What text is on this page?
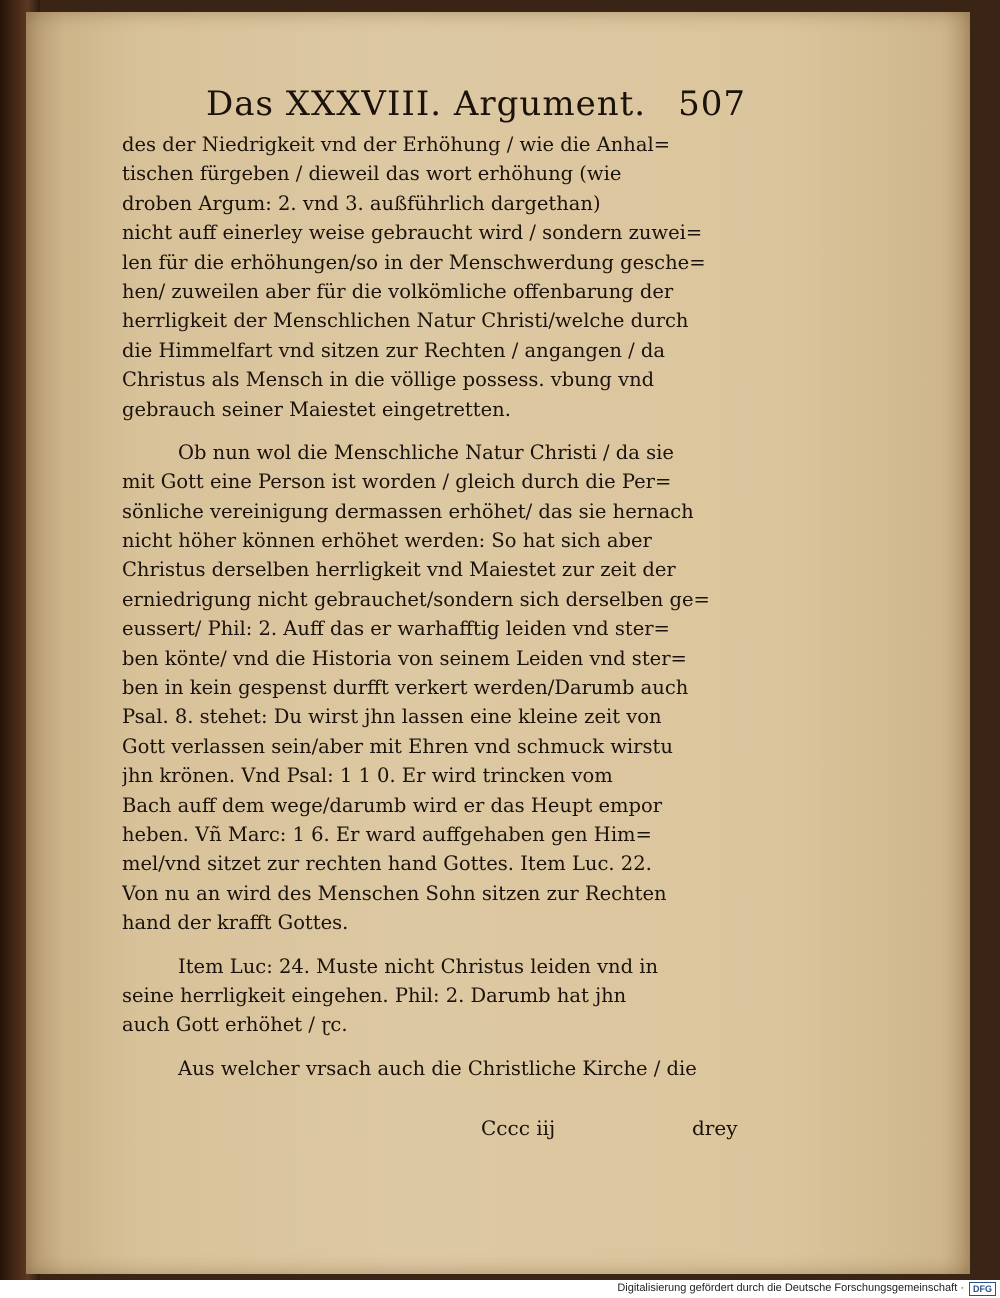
Das XXXVIII. Argument. 507
des der Niedrigkeit vnd der Erhöhung / wie die Anhal=
tischen fürgeben / dieweil das wort erhöhung (wie
droben Argum: 2. vnd 3. außführlich dargethan)
nicht auff einerley weise gebraucht wird / sondern zuwei=
len für die erhöhungen/so in der Menschwerdung gesche=
hen/ zuweilen aber für die volkömliche offenbarung der
herrligkeit der Menschlichen Natur Christi/welche durch
die Himmelfart vnd sitzen zur Rechten / angangen / da
Christus als Mensch in die völlige possess. vbung vnd
gebrauch seiner Maiestet eingetretten.
Ob nun wol die Menschliche Natur Christi / da sie
mit Gott eine Person ist worden / gleich durch die Per=
sönliche vereinigung dermassen erhöhet/ das sie hernach
nicht höher können erhöhet werden: So hat sich aber
Christus derselben herrligkeit vnd Maiestet zur zeit der
erniedrigung nicht gebrauchet/sondern sich derselben ge=
eussert/ Phil: 2. Auff das er warhafftig leiden vnd ster=
ben könte/ vnd die Historia von seinem Leiden vnd ster=
ben in kein gespenst durfft verkert werden/Darumb auch
Psal. 8. stehet: Du wirst jhn lassen eine kleine zeit von
Gott verlassen sein/aber mit Ehren vnd schmuck wirstu
jhn krönen. Vnd Psal: 1 1 0. Er wird trincken vom
Bach auff dem wege/darumb wird er das Heupt empor
heben. Vñ Marc: 1 6. Er ward auffgehaben gen Him=
mel/vnd sitzet zur rechten hand Gottes. Item Luc. 22.
Von nu an wird des Menschen Sohn sitzen zur Rechten
hand der krafft Gottes.
Item Luc: 24. Muste nicht Christus leiden vnd in
seine herrligkeit eingehen. Phil: 2. Darumb hat jhn
auch Gott erhöhet / ɽc.
Aus welcher vrsach auch die Christliche Kirche / die
Cccc iij	drey
Digitalisierung gefördert durch die Deutsche Forschungsgemeinschaft ·	DFG
